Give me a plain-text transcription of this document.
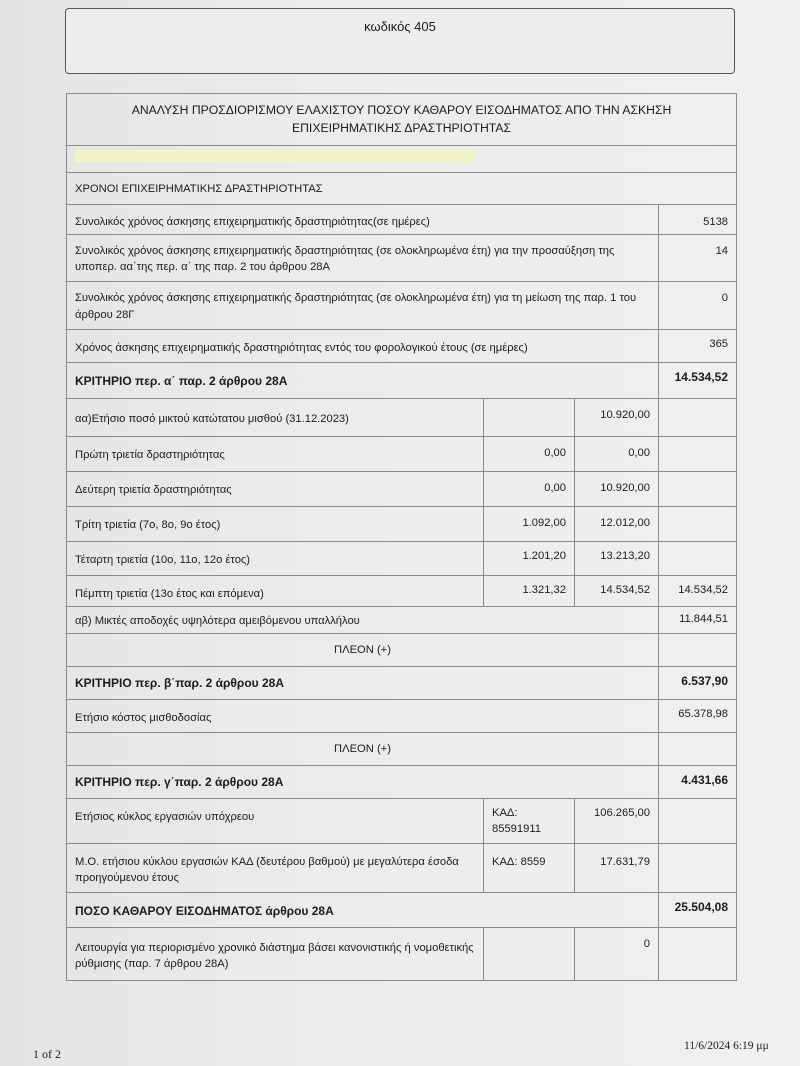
κωδικός 405
ΑΝΑΛΥΣΗ ΠΡΟΣΔΙΟΡΙΣΜΟΥ ΕΛΑΧΙΣΤΟΥ ΠΟΣΟΥ ΚΑΘΑΡΟΥ ΕΙΣΟΔΗΜΑΤΟΣ ΑΠΟ ΤΗΝ ΑΣΚΗΣΗ ΕΠΙΧΕΙΡΗΜΑΤΙΚΗΣ ΔΡΑΣΤΗΡΙΟΤΗΤΑΣ			

ΧΡΟΝΟΙ ΕΠΙΧΕΙΡΗΜΑΤΙΚΗΣ ΔΡΑΣΤΗΡΙΟΤΗΤΑΣ			
Συνολικός χρόνος άσκησης επιχειρηματικής δραστηριότητας(σε ημέρες)			5138
Συνολικός χρόνος άσκησης επιχειρηματικής δραστηριότητας (σε ολοκληρωμένα έτη) για την προσαύξηση της υποπερ. αα΄της περ. α΄ της παρ. 2 του άρθρου 28Α			14
Συνολικός χρόνος άσκησης επιχειρηματικής δραστηριότητας (σε ολοκληρωμένα έτη) για τη μείωση της παρ. 1 του άρθρου 28Γ			0
Χρόνος άσκησης επιχειρηματικής δραστηριότητας εντός του φορολογικού έτους (σε ημέρες)			365
ΚΡΙΤΗΡΙΟ περ. α΄ παρ. 2 άρθρου 28Α			14.534,52
αα)Ετήσιο ποσό μικτού κατώτατου μισθού (31.12.2023)		10.920,00	
Πρώτη τριετία δραστηριότητας	0,00	0,00	
Δεύτερη τριετία δραστηριότητας	0,00	10.920,00	
Τρίτη τριετία (7ο, 8ο, 9ο έτος)	1.092,00	12.012,00	
Τέταρτη τριετία (10ο, 11ο, 12ο έτος)	1.201,20	13.213,20	
Πέμπτη τριετία (13ο έτος και επόμενα)	1.321,32	14.534,52	14.534,52
αβ) Μικτές αποδοχές υψηλότερα αμειβόμενου υπαλλήλου			11.844,51
ΠΛΕΟΝ (+)			
ΚΡΙΤΗΡΙΟ περ. β΄παρ. 2 άρθρου 28Α			6.537,90
Ετήσιο κόστος μισθοδοσίας			65.378,98
ΠΛΕΟΝ (+)			
ΚΡΙΤΗΡΙΟ περ. γ΄παρ. 2 άρθρου 28Α			4.431,66
Ετήσιος κύκλος εργασιών υπόχρεου	ΚΑΔ: 85591911	106.265,00	
Μ.Ο. ετήσιου κύκλου εργασιών ΚΑΔ (δευτέρου βαθμού) με μεγαλύτερα έσοδα προηγούμενου έτους	ΚΑΔ: 8559	17.631,79	
ΠΟΣΟ ΚΑΘΑΡΟΥ ΕΙΣΟΔΗΜΑΤΟΣ άρθρου 28Α			25.504,08
Λειτουργία για περιορισμένο χρονικό διάστημα βάσει κανονιστικής ή νομοθετικής ρύθμισης (παρ. 7 άρθρου 28Α)		0	
1 of 2
11/6/2024 6:19 μμ
